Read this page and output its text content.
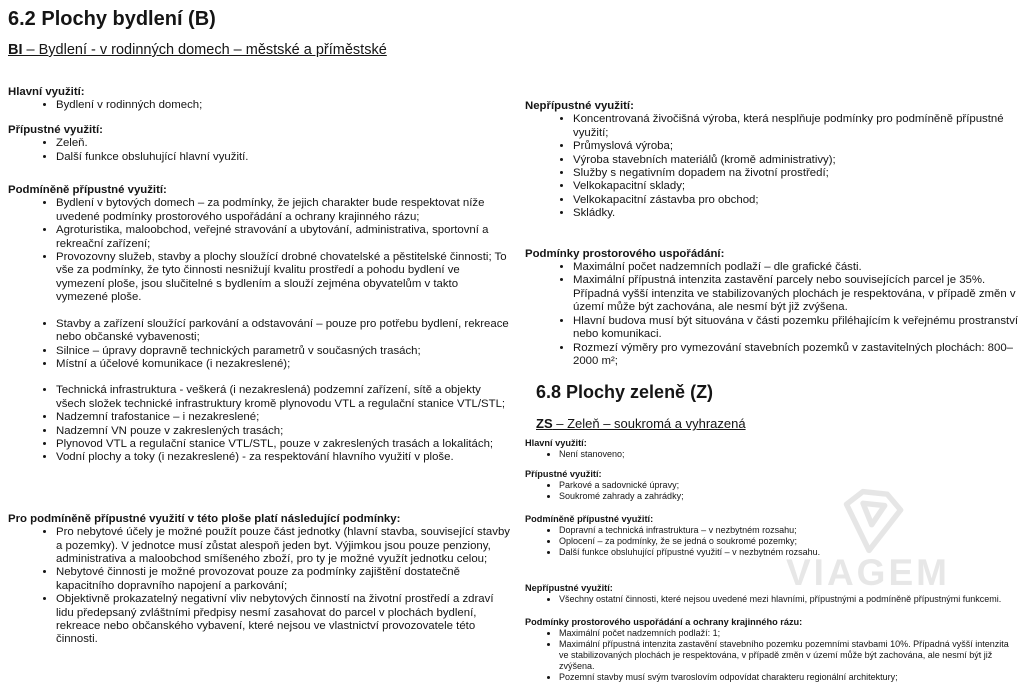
6.2 Plochy bydlení (B)
BI – Bydlení - v rodinných domech – městské a příměstské
Hlavní využití:
• Bydlení v rodinných domech;
Přípustné využití:
• Zeleň.
• Další funkce obsluhující hlavní využití.
Podmíněně přípustné využití:
• Bydlení v bytových domech – za podmínky, že jejich charakter bude respektovat níže uvedené podmínky prostorového uspořádání a ochrany krajinného rázu;
• Agroturistika, maloobchod, veřejné stravování a ubytování, administrativa, sportovní a rekreační zařízení;
• Provozovny služeb, stavby a plochy sloužící drobné chovatelské a pěstitelské činnosti; To vše za podmínky, že tyto činnosti nesnižují kvalitu prostředí a pohodu bydlení ve vymezení ploše, jsou slučitelné s bydlením a slouží zejména obyvatelům v takto vymezené ploše.
• Stavby a zařízení sloužící parkování a odstavování – pouze pro potřebu bydlení, rekreace nebo občanské vybavenosti;
• Silnice – úpravy dopravně technických parametrů v současných trasách;
• Místní a účelové komunikace (i nezakreslené);
• Technická infrastruktura - veškerá (i nezakreslená) podzemní zařízení, sítě a objekty všech složek technické infrastruktury kromě plynovodu VTL a regulační stanice VTL/STL;
• Nadzemní trafostanice – i nezakreslené;
• Nadzemní VN pouze v zakreslených trasách;
• Plynovod VTL a regulační stanice VTL/STL, pouze v zakreslených trasách a lokalitách;
• Vodní plochy a toky (i nezakreslené) - za respektování hlavního využití v ploše.
Pro podmíněně přípustné využití v této ploše platí následující podmínky:
• Pro nebytové účely je možné použít pouze část jednotky (hlavní stavba, související stavby a pozemky). V jednotce musí zůstat alespoň jeden byt. Výjimkou jsou pouze penziony, administrativa a maloobchod smíšeného zboží, pro ty je možné využít jednotku celou;
• Nebytové činnosti je možné provozovat pouze za podmínky zajištění dostatečně kapacitního dopravního napojení a parkování;
• Objektivně prokazatelný negativní vliv nebytových činností na životní prostředí a zdraví lidu předepsaný zvláštními předpisy nesmí zasahovat do parcel v plochách bydlení, rekreace nebo občanského vybavení, které nejsou ve vlastnictví provozovatele této činnosti.
Nepřípustné využití:
• Koncentrovaná živočišná výroba, která nesplňuje podmínky pro podmíněně přípustné využití;
• Průmyslová výroba;
• Výroba stavebních materiálů (kromě administrativy);
• Služby s negativním dopadem na životní prostředí;
• Velkokapacitní sklady;
• Velkokapacitní zástavba pro obchod;
• Skládky.
Podmínky prostorového uspořádání:
• Maximální počet nadzemních podlaží – dle grafické části.
• Maximální přípustná intenzita zastavění parcely nebo souvisejících parcel je 35%. Případná vyšší intenzita ve stabilizovaných plochách je respektována, v případě změn v území může být zachována, ale nesmí být již zvýšena.
• Hlavní budova musí být situována v části pozemku přiléhajícím k veřejnému prostranství nebo komunikaci.
• Rozmezí výměry pro vymezování stavebních pozemků v zastavitelných plochách: 800– 2000 m²;
6.8 Plochy zeleně (Z)
ZS – Zeleň – soukromá a vyhrazená
Hlavní využití:
• Není stanoveno;
Přípustné využití:
• Parkové a sadovnické úpravy;
• Soukromé zahrady a zahrádky;
Podmíněně přípustné využití:
• Dopravní a technická infrastruktura – v nezbytném rozsahu;
• Oplocení – za podmínky, že se jedná o soukromé pozemky;
• Další funkce obsluhující přípustné využití – v nezbytném rozsahu.
Nepřípustné využití:
• Všechny ostatní činnosti, které nejsou uvedené mezi hlavními, přípustnými a podmíněně přípustnými funkcemi.
Podmínky prostorového uspořádání a ochrany krajinného rázu:
• Maximální počet nadzemních podlaží: 1;
• Maximální přípustná intenzita zastavění stavebního pozemku pozemními stavbami 10%. Případná vyšší intenzita ve stabilizovaných plochách je respektována, v případě změn v území může být zachována, ale nesmí být již zvýšena.
• Pozemní stavby musí svým tvaroslovím odpovídat charakteru regionální architektury;
VIAGEM
